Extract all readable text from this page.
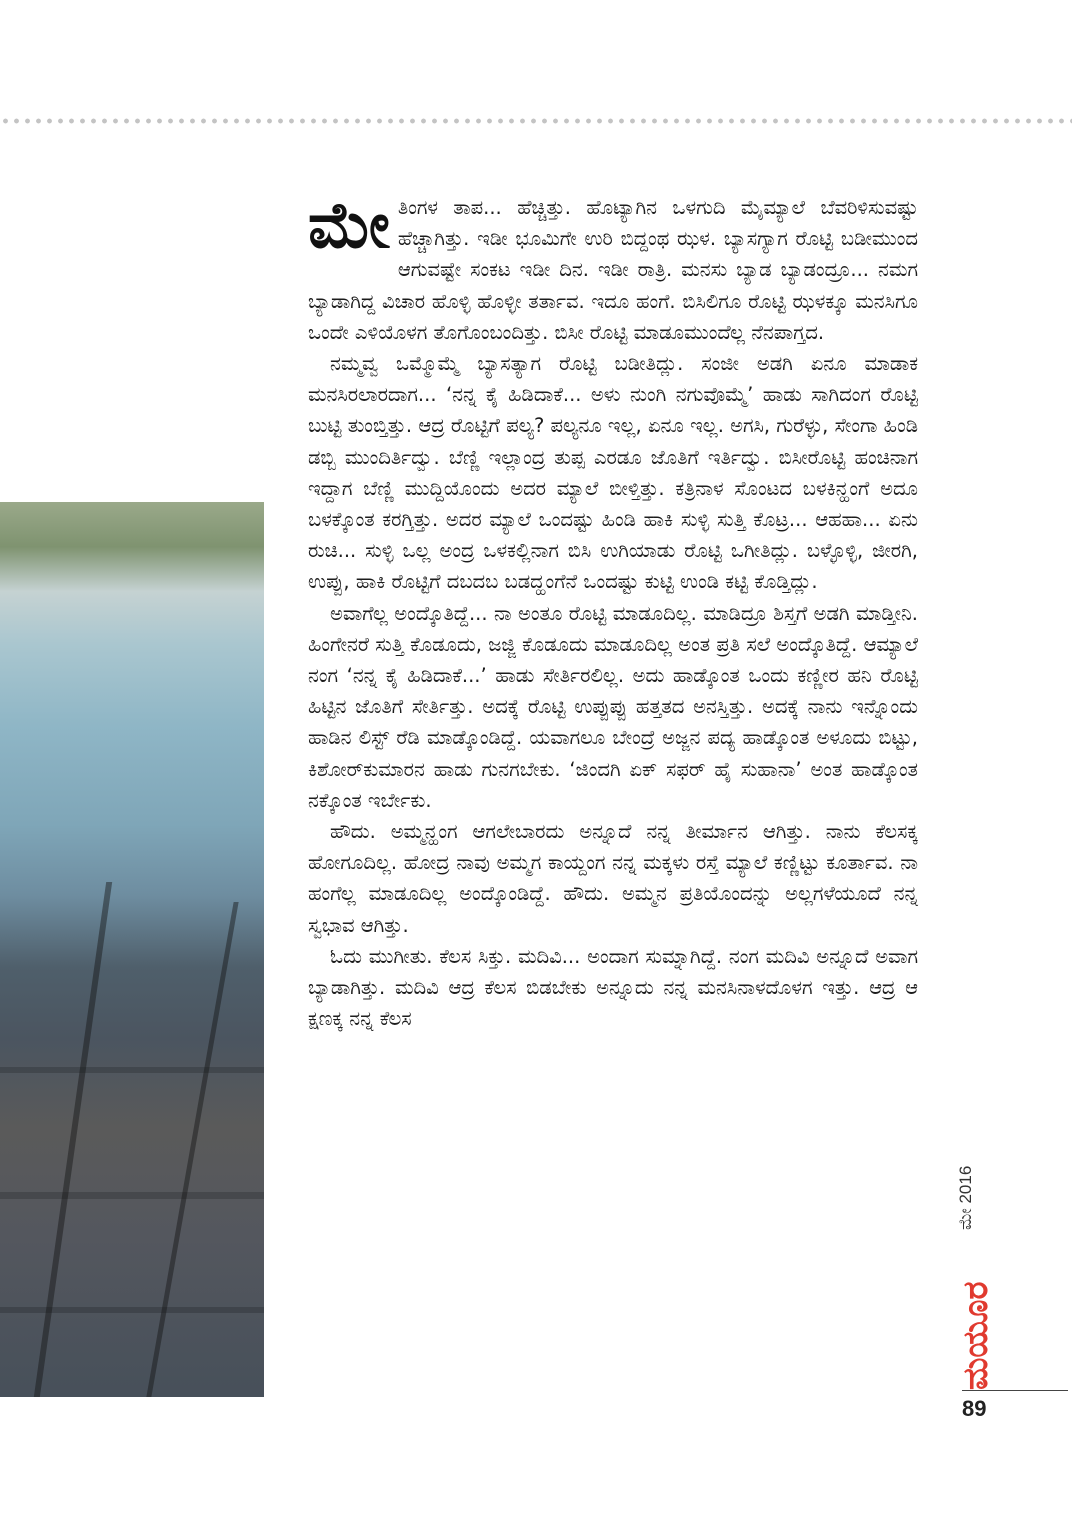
ಮೇತಿಂಗಳ ತಾಪ... ಹೆಚ್ಚಿತ್ತು. ಹೊಟ್ಯಾಗಿನ ಒಳಗುದಿ ಮೈಮ್ಯಾಲೆ ಬೆವರಿಳಿಸುವಷ್ಟು ಹೆಚ್ಚಾಗಿತ್ತು. ಇಡೀ ಭೂಮಿಗೇ ಉರಿ ಬಿದ್ದಂಥ ಝಳ. ಬ್ಯಾಸಗ್ಯಾಗ ರೊಟ್ಟಿ ಬಡೀಮುಂದ ಆಗುವಷ್ಟೇ ಸಂಕಟ ಇಡೀ ದಿನ. ಇಡೀ ರಾತ್ರಿ. ಮನಸು ಬ್ಯಾಡ ಬ್ಯಾಡಂದ್ರೂ... ನಮಗ ಬ್ಯಾಡಾಗಿದ್ದ ವಿಚಾರ ಹೊಳ್ಳಿ ಹೊಳ್ಳೀ ತರ್ತಾವ. ಇದೂ ಹಂಗೆ. ಬಿಸಿಲಿಗೂ ರೊಟ್ಟಿ ಝಳಕ್ಕೂ ಮನಸಿಗೂ ಒಂದೇ ಎಳಿಯೊಳಗ ತೊಗೊಂಬಂದಿತ್ತು. ಬಿಸೀ ರೊಟ್ಟಿ ಮಾಡೂಮುಂದೆಲ್ಲ ನೆನಪಾಗ್ತದ.

ನಮ್ಮವ್ವ ಒಮ್ಮೊಮ್ಮೆ ಬ್ಯಾಸತ್ಯಾಗ ರೊಟ್ಟಿ ಬಡೀತಿದ್ಲು. ಸಂಜೀ ಅಡಗಿ ಏನೂ ಮಾಡಾಕ ಮನಸಿರಲಾರದಾಗ... ‘ನನ್ನ ಕೈ ಹಿಡಿದಾಕೆ... ಅಳು ನುಂಗಿ ನಗುವೊಮ್ಮೆ’ ಹಾಡು ಸಾಗಿದಂಗ ರೊಟ್ಟಿ ಬುಟ್ಟಿ ತುಂಬ್ತಿತ್ತು. ಆದ್ರ ರೊಟ್ಟಿಗೆ ಪಲ್ಯ? ಪಲ್ಯನೂ ಇಲ್ಲ, ಏನೂ ಇಲ್ಲ. ಅಗಸಿ, ಗುರೆಳ್ಳು, ಸೇಂಗಾ ಹಿಂಡಿ ಡಬ್ಬಿ ಮುಂದಿರ್ತಿದ್ವು. ಬೆಣ್ಣಿ ಇಲ್ಲಾಂದ್ರ ತುಪ್ಪ ಎರಡೂ ಜೊತಿಗೆ ಇರ್ತಿದ್ವು. ಬಿಸೀರೊಟ್ಟಿ ಹಂಚಿನಾಗ ಇದ್ದಾಗ ಬೆಣ್ಣಿ ಮುದ್ದಿಯೊಂದು ಅದರ ಮ್ಯಾಲೆ ಬೀಳ್ತಿತ್ತು. ಕತ್ರಿನಾಳ ಸೊಂಟದ ಬಳಕಿನ್ಹಂಗೆ ಅದೂ ಬಳಕ್ಕೊಂತ ಕರಗ್ತಿತ್ತು. ಅದರ ಮ್ಯಾಲೆ ಒಂದಷ್ಟು ಹಿಂಡಿ ಹಾಕಿ ಸುಳ್ಳಿ ಸುತ್ತಿ ಕೊಟ್ರ... ಆಹಹಾ... ಏನು ರುಚಿ... ಸುಳ್ಳಿ ಒಲ್ಲ ಅಂದ್ರ ಒಳಕಲ್ಲಿನಾಗ ಬಿಸಿ ಉಗಿಯಾಡು ರೊಟ್ಟಿ ಒಗೀತಿದ್ಲು. ಬಳ್ಳೊಳ್ಳಿ, ಜೀರಗಿ, ಉಪ್ಪು, ಹಾಕಿ ರೊಟ್ಟಿಗೆ ದಬದಬ ಬಡದ್ಹಂಗೆನೆ ಒಂದಷ್ಟು ಕುಟ್ಟಿ ಉಂಡಿ ಕಟ್ಟಿ ಕೊಡ್ತಿದ್ಲು.

ಅವಾಗೆಲ್ಲ ಅಂದ್ಕೊತಿದ್ದೆ... ನಾ ಅಂತೂ ರೊಟ್ಟಿ ಮಾಡೂದಿಲ್ಲ. ಮಾಡಿದ್ರೂ ಶಿಸ್ತಗೆ ಅಡಗಿ ಮಾಡ್ತೀನಿ. ಹಿಂಗೇನರೆ ಸುತ್ತಿ ಕೊಡೂದು, ಜಜ್ಜಿ ಕೊಡೂದು ಮಾಡೂದಿಲ್ಲ ಅಂತ ಪ್ರತಿ ಸಲೆ ಅಂದ್ಕೊತಿದ್ದೆ. ಆಮ್ಯಾಲೆ ನಂಗ ‘ನನ್ನ ಕೈ ಹಿಡಿದಾಕೆ...’ ಹಾಡು ಸೇರ್ತಿರಲಿಲ್ಲ. ಅದು ಹಾಡ್ಕೊಂತ ಒಂದು ಕಣ್ಣೀರ ಹನಿ ರೊಟ್ಟಿ ಹಿಟ್ಟಿನ ಜೊತಿಗೆ ಸೇರ್ತಿತ್ತು. ಅದಕ್ಕೆ ರೊಟ್ಟಿ ಉಪ್ಪುಪ್ಪು ಹತ್ತತದ ಅನಸ್ತಿತ್ತು. ಅದಕ್ಕೆ ನಾನು ಇನ್ನೊಂದು ಹಾಡಿನ ಲಿಸ್ಟ್ ರೆಡಿ ಮಾಡ್ಕೊಂಡಿದ್ದೆ. ಯವಾಗಲೂ ಬೇಂದ್ರೆ ಅಜ್ಜನ ಪದ್ಯ ಹಾಡ್ಕೊಂತ ಅಳೂದು ಬಿಟ್ಟು, ಕಿಶೋರ್‌ಕುಮಾರನ ಹಾಡು ಗುನಗಬೇಕು. ‘ಜಿಂದಗಿ ಏಕ್ ಸಫರ್ ಹೈ ಸುಹಾನಾ’ ಅಂತ ಹಾಡ್ಕೊಂತ ನಕ್ಕೊಂತ ಇರ್ಬೇಕು.

ಹೌದು. ಅಮ್ಮನ್ಹಂಗ ಆಗಲೇಬಾರದು ಅನ್ನೂದೆ ನನ್ನ ತೀರ್ಮಾನ ಆಗಿತ್ತು. ನಾನು ಕೆಲಸಕ್ಕ ಹೋಗೂದಿಲ್ಲ. ಹೋದ್ರ ನಾವು ಅಮ್ಮಗ ಕಾಯ್ದಂಗ ನನ್ನ ಮಕ್ಕಳು ರಸ್ತೆ ಮ್ಯಾಲೆ ಕಣ್ಣಿಟ್ಟು ಕೂರ್ತಾವ. ನಾ ಹಂಗೆಲ್ಲ ಮಾಡೂದಿಲ್ಲ ಅಂದ್ಕೊಂಡಿದ್ದೆ. ಹೌದು. ಅಮ್ಮನ ಪ್ರತಿಯೊಂದನ್ನು ಅಲ್ಲಗಳೆಯೂದೆ ನನ್ನ ಸ್ವಭಾವ ಆಗಿತ್ತು.

ಓದು ಮುಗೀತು. ಕೆಲಸ ಸಿಕ್ತು. ಮದಿವಿ... ಅಂದಾಗ ಸುಮ್ನಾಗಿದ್ದೆ. ನಂಗ ಮದಿವಿ ಅನ್ನೂದೆ ಅವಾಗ ಬ್ಯಾಡಾಗಿತ್ತು. ಮದಿವಿ ಆದ್ರ ಕೆಲಸ ಬಿಡಬೇಕು ಅನ್ನೂದು ನನ್ನ ಮನಸಿನಾಳದೊಳಗ ಇತ್ತು. ಆದ್ರ ಆ ಕ್ಷಣಕ್ಕ ನನ್ನ ಕೆಲಸ

ಮೇ 2016
ಮಯೂರ
89
